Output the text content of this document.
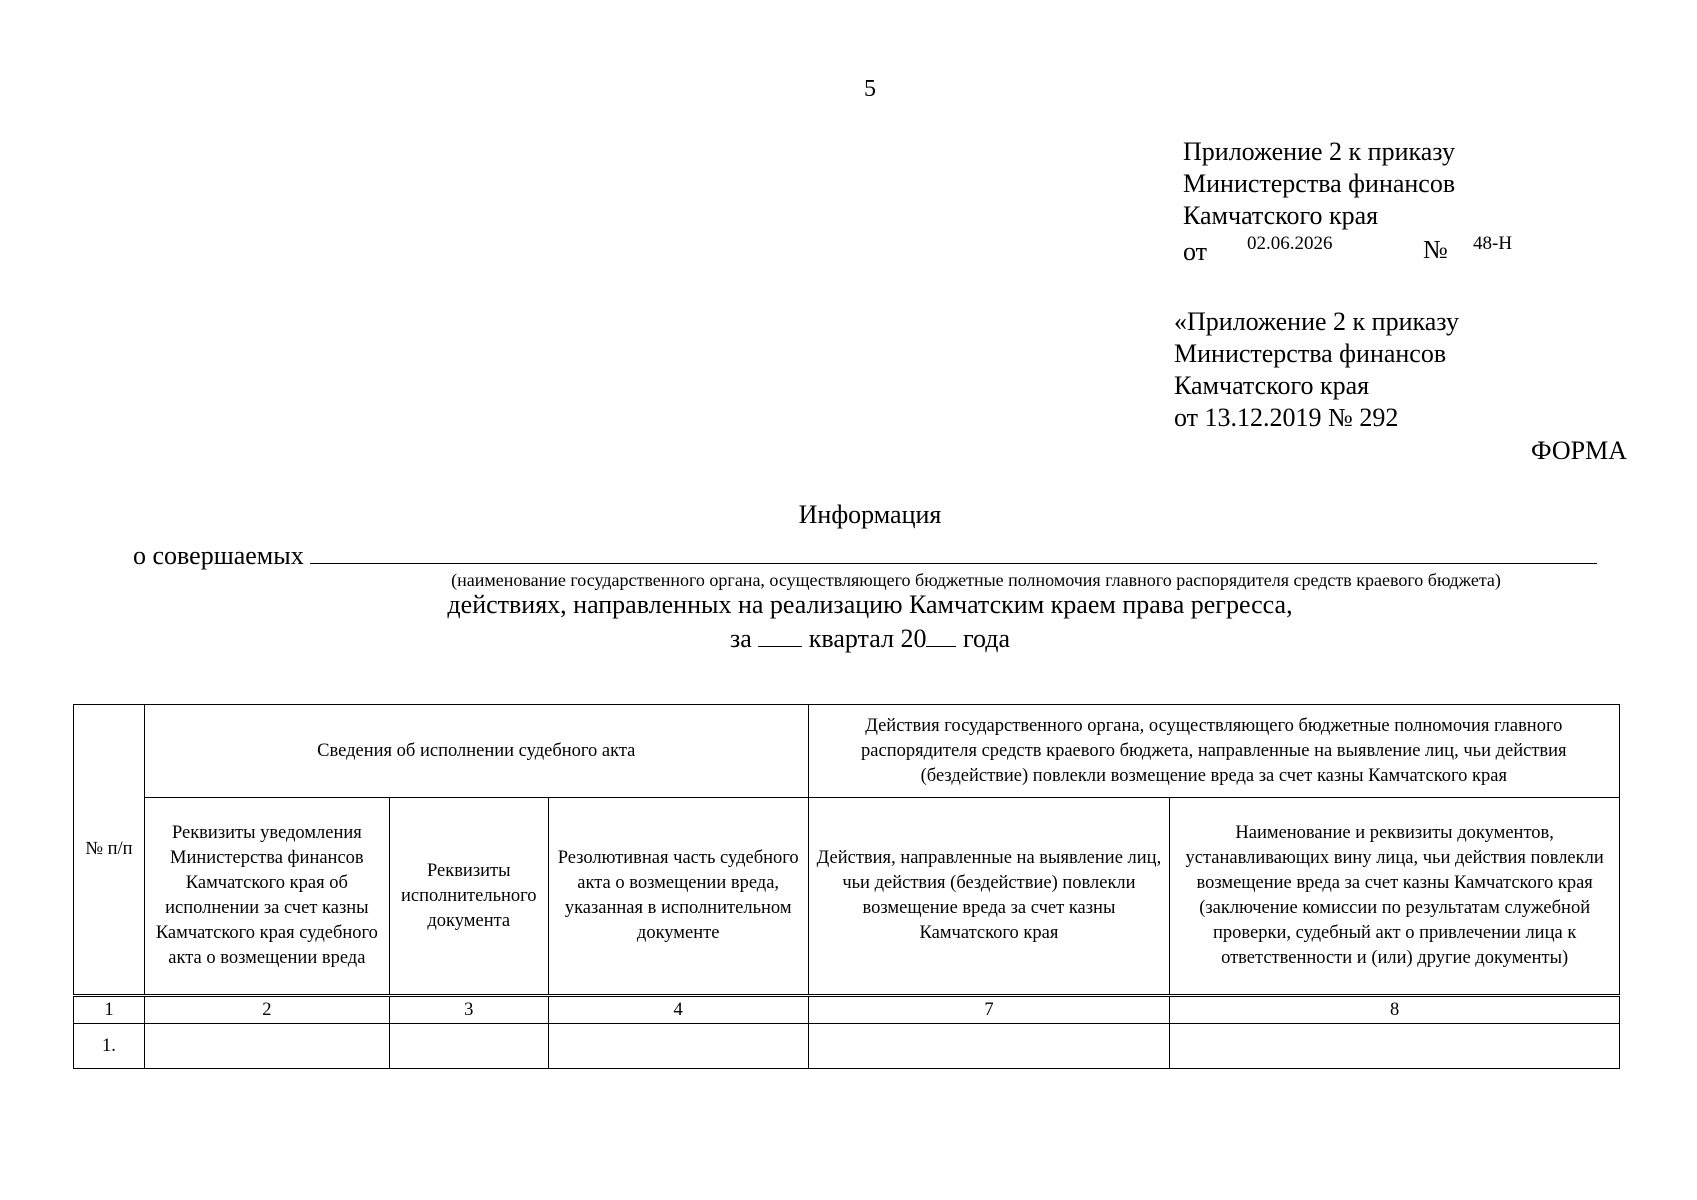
5
Приложение 2 к приказу
Министерства финансов
Камчатского края
от 02.06.2026	№ 48-Н
«Приложение 2 к приказу
Министерства финансов
Камчатского края
от 13.12.2019 № 292
ФОРМА
Информация
о совершаемых
(наименование государственного органа, осуществляющего бюджетные полномочия главного распорядителя средств краевого бюджета)
действиях, направленных на реализацию Камчатским краем права регресса,
за квартал 20 года
№ п/п	Сведения об исполнении судебного акта			Действия государственного органа, осуществляющего бюджетные полномочия главного распорядителя средств краевого бюджета, направленные на выявление лиц, чьи действия (бездействие) повлекли возмещение вреда за счет казны Камчатского края	
	Реквизиты уведомления Министерства финансов Камчатского края об исполнении за счет казны Камчатского края судебного акта о возмещении вреда	Реквизиты исполнительного документа	Резолютивная часть судебного акта о возмещении вреда, указанная в исполнительном документе	Действия, направленные на выявление лиц, чьи действия (бездействие) повлекли возмещение вреда за счет казны Камчатского края	Наименование и реквизиты документов, устанавливающих вину лица, чьи действия повлекли возмещение вреда за счет казны Камчатского края (заключение комиссии по результатам служебной проверки, судебный акт о привлечении лица к ответственности и (или) другие документы)
1	2	3	4	7	8
1.					
